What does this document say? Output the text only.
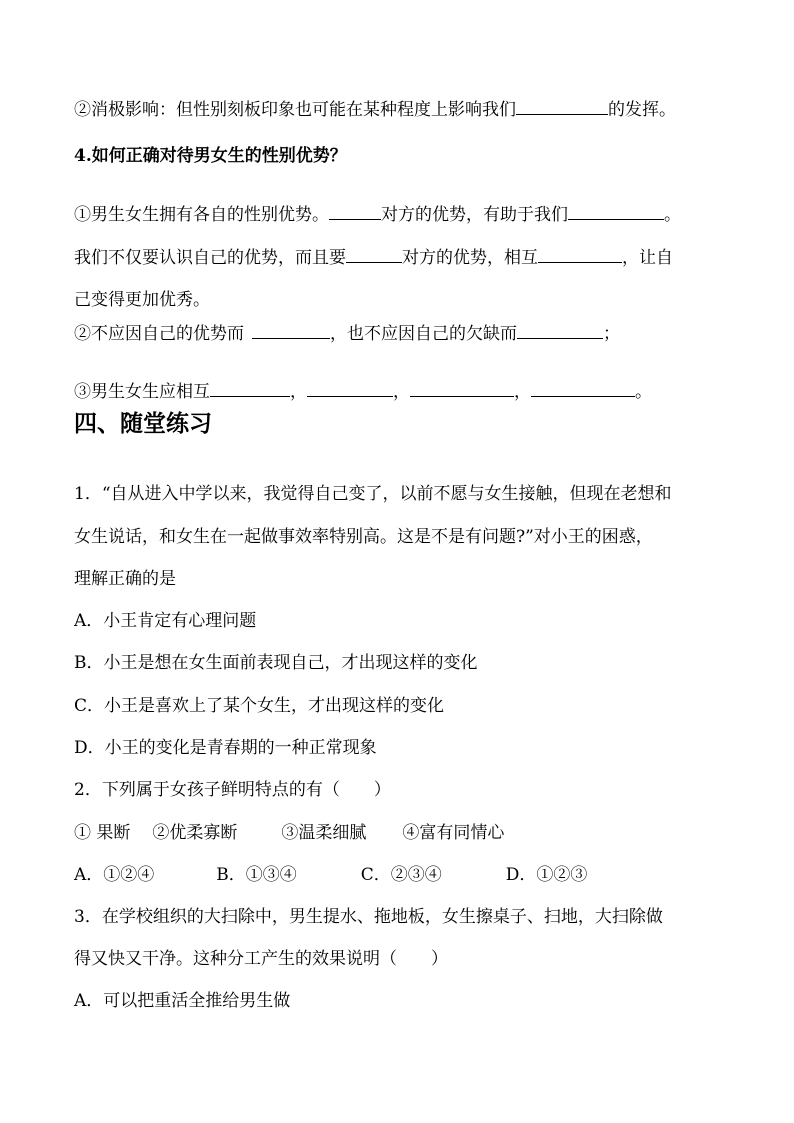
②消极影响：但性别刻板印象也可能在某种程度上影响我们	的发挥。
4.如何正确对待男女生的性别优势？
①男生女生拥有各自的性别优势。	对方的优势，有助于我们	。
我们不仅要认识自己的优势，而且要	对方的优势，相互	，让自
己变得更加优秀。
②不应因自己的优势而	，也不应因自己的欠缺而	；
③男生女生应相互	，	，	，	。
四、随堂练习
1．“自从进入中学以来，我觉得自己变了，以前不愿与女生接触，但现在老想和
女生说话，和女生在一起做事效率特别高。这是不是有问题?”对小王的困惑，
理解正确的是
A．小王肯定有心理问题
B．小王是想在女生面前表现自己，才出现这样的变化
C．小王是喜欢上了某个女生，才出现这样的变化
D．小王的变化是青春期的一种正常现象
2．下列属于女孩子鲜明特点的有（　　）
① 果断 ②优柔寡断	③温柔细腻 ④富有同情心
A．①②④	B．①③④	C．②③④	D．①②③
3．在学校组织的大扫除中，男生提水、拖地板，女生擦桌子、扫地，大扫除做
得又快又干净。这种分工产生的效果说明（　　）
A．可以把重活全推给男生做
